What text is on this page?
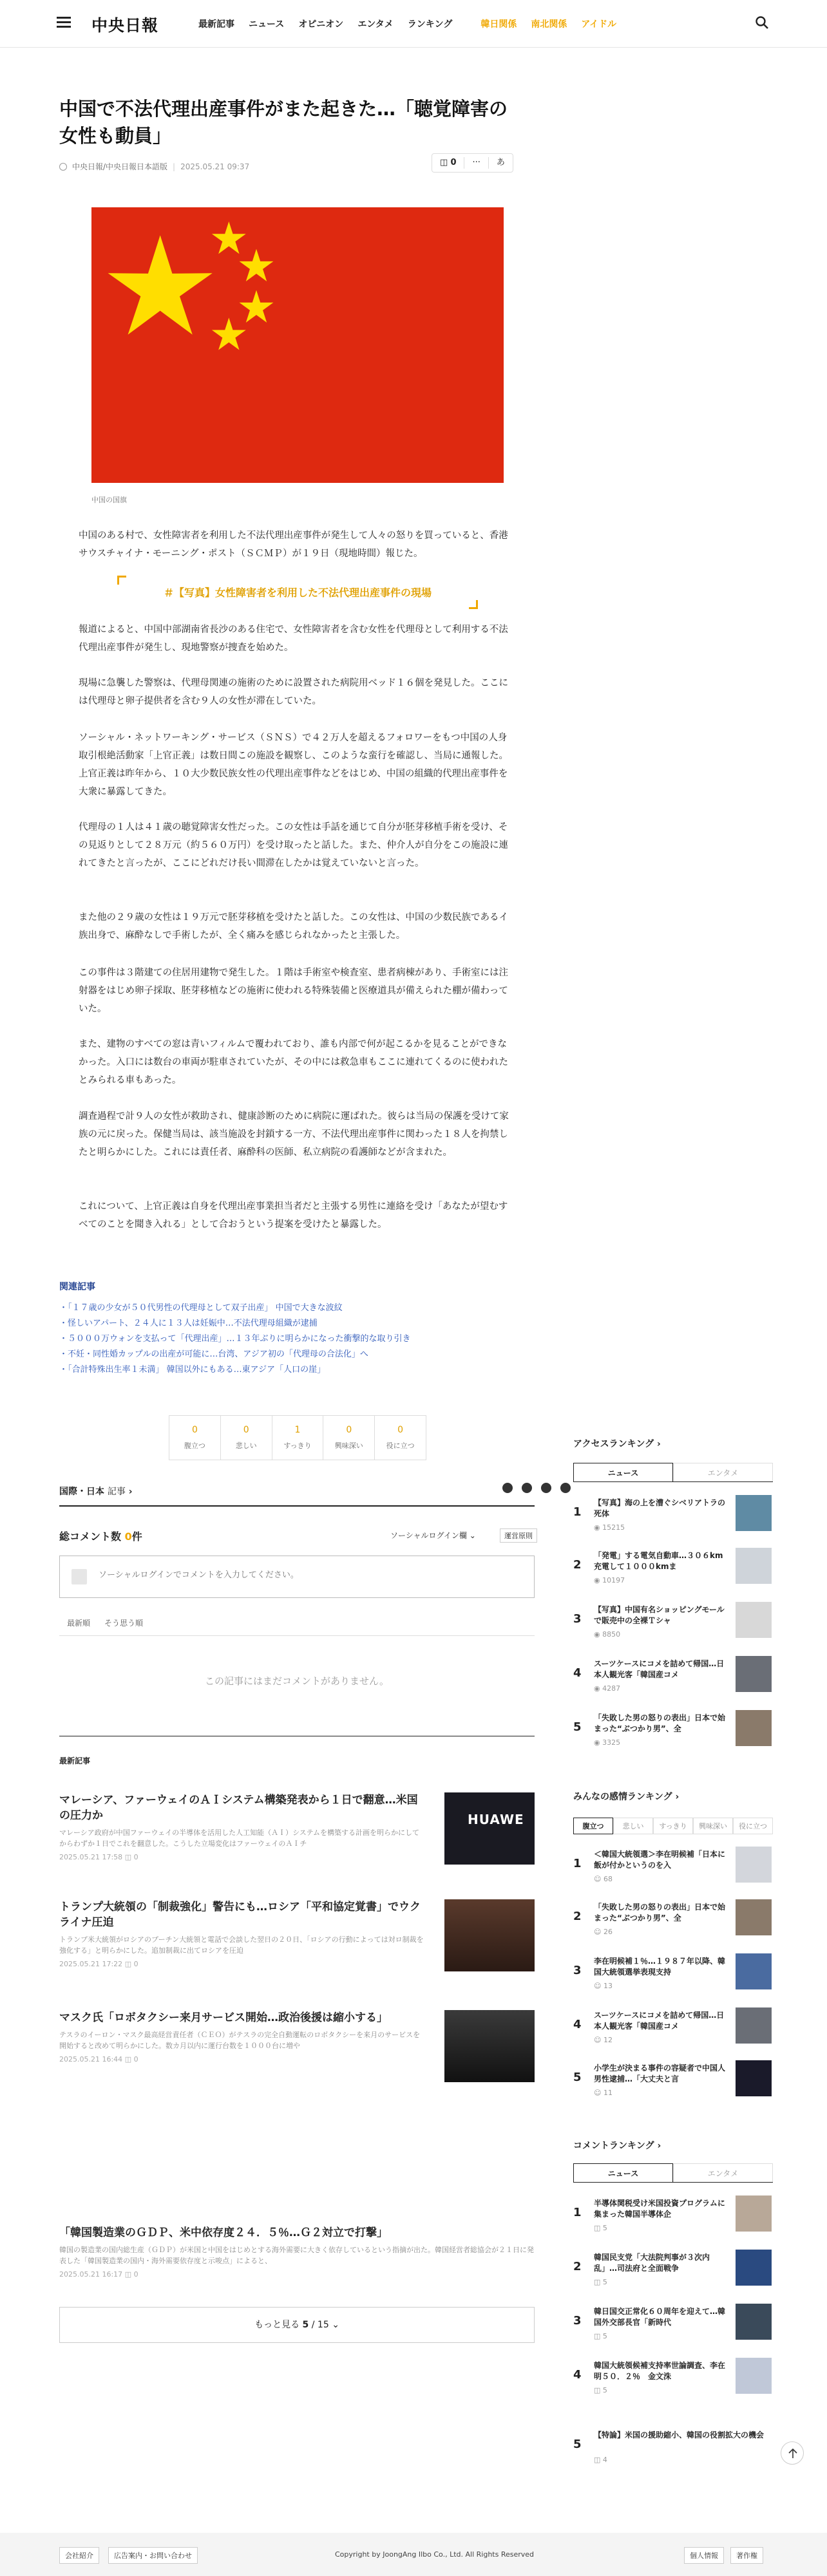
中央日報	最新記事 ニュース オピニオン エンタメ ランキング	韓日関係 南北関係 アイドル
中国で不法代理出産事件がまた起きた…「聴覚障害の女性も動員」
中央日報/中央日報日本語版 | 2025.05.21 09:37	◫ 0	···	あ
中国の国旗

中国のある村で、女性障害者を利用した不法代理出産事件が発生して人々の怒りを買っていると、香港サウスチャイナ・モーニング・ポスト（ＳＣＭＰ）が１９日（現地時間）報じた。

＃【写真】女性障害者を利用した不法代理出産事件の現場

報道によると、中国中部湖南省長沙のある住宅で、女性障害者を含む女性を代理母として利用する不法代理出産事件が発生し、現地警察が捜査を始めた。

現場に急襲した警察は、代理母関連の施術のために設置された病院用ベッド１６個を発見した。ここには代理母と卵子提供者を含む９人の女性が滞在していた。

ソーシャル・ネットワーキング・サービス（ＳＮＳ）で４２万人を超えるフォロワーをもつ中国の人身取引根絶活動家「上官正義」は数日間この施設を観察し、このような蛮行を確認し、当局に通報した。上官正義は昨年から、１０大少数民族女性の代理出産事件などをはじめ、中国の組織的代理出産事件を大衆に暴露してきた。

代理母の１人は４１歳の聴覚障害女性だった。この女性は手話を通じて自分が胚芽移植手術を受け、その見返りとして２８万元（約５６０万円）を受け取ったと話した。また、仲介人が自分をこの施設に連れてきたと言ったが、ここにどれだけ長い間滞在したかは覚えていないと言った。

また他の２９歳の女性は１９万元で胚芽移植を受けたと話した。この女性は、中国の少数民族であるイ族出身で、麻酔なしで手術したが、全く痛みを感じられなかったと主張した。

この事件は３階建ての住居用建物で発生した。１階は手術室や検査室、患者病棟があり、手術室には注射器をはじめ卵子採取、胚芽移植などの施術に使われる特殊装備と医療道具が備えられた棚が備わっていた。

また、建物のすべての窓は青いフィルムで覆われており、誰も内部で何が起こるかを見ることができなかった。入口には数台の車両が駐車されていたが、その中には救急車もここに連れてくるのに使われたとみられる車もあった。

調査過程で計９人の女性が救助され、健康診断のために病院に運ばれた。彼らは当局の保護を受けて家族の元に戻った。保健当局は、該当施設を封鎖する一方、不法代理出産事件に関わった１８人を拘禁したと明らかにした。これには責任者、麻酔科の医師、私立病院の看護師などが含まれた。

これについて、上官正義は自身を代理出産事業担当者だと主張する男性に連絡を受け「あなたが望むすべてのことを聞き入れる」として合おうという提案を受けたと暴露した。

関連記事
・「１７歳の少女が５０代男性の代理母として双子出産」 中国で大きな波紋
・怪しいアパート、２４人に１３人は妊娠中…不法代理母組織が逮捕
・５０００万ウォンを支払って「代理出産」…１３年ぶりに明らかになった衝撃的な取り引き
・不妊・同性婚カップルの出産が可能に…台湾、アジア初の「代理母の合法化」へ
・「合計特殊出生率１未満」 韓国以外にもある…東アジア「人口の崖」
0
腹立つ
0
悲しい
1
すっきり
0
興味深い
0
役に立つ
国際・日本 記事 ›
総コメント数 0件	ソーシャルログイン欄 ⌄	運営原則
ソーシャルログインでコメントを入力してください。
最新順 そう思う順
この記事にはまだコメントがありません。
最新記事
マレーシア、ファーウェイのＡＩシステム構築発表から１日で翻意…米国の圧力か
マレーシア政府が中国ファーウェイの半導体を活用した人工知能（ＡＩ）システムを構築する計画を明らかにしてからわずか１日でこれを翻意した。こうした立場変化はファーウェイのＡＩチ
2025.05.21 17:58 ◫ 0
HUAWE
トランプ大統領の「制裁強化」警告にも…ロシア「平和協定覚書」でウクライナ圧迫
トランプ米大統領がロシアのプーチン大統領と電話で会談した翌日の２０日、「ロシアの行動によっては対ロ制裁を強化する」と明らかにした。追加制裁に出てロシアを圧迫
2025.05.21 17:22 ◫ 0
マスク氏「ロボタクシー来月サービス開始…政治後援は縮小する」
テスラのイーロン・マスク最高経営責任者（ＣＥＯ）がテスラの完全自動運転のロボタクシーを来月のサービスを開始すると改めて明らかにした。数カ月以内に運行台数を１０００台に増や
2025.05.21 16:44 ◫ 0
「韓国製造業のＧＤＰ、米中依存度２４．５％…Ｇ２対立で打撃」
韓国の製造業の国内総生産（ＧＤＰ）が米国と中国をはじめとする海外需要に大きく依存しているという指摘が出た。韓国経営者総協会が２１日に発表した「韓国製造業の国内・海外需要依存度と示唆点」によると、
2025.05.21 16:17 ◫ 0
もっと見る 5 / 15 ⌄
アクセスランキング ›
ニュース	エンタメ
1
【写真】海の上を漕ぐシベリアトラの死体
◉ 15215
2
「発電」する電気自動車…３０６km充電して１０００kmま
◉ 10197
3
【写真】中国有名ショッピングモールで販売中の全裸Ｔシャ
◉ 8850
4
スーツケースにコメを詰めて帰国…日本人観光客「韓国産コメ
◉ 4287
5
「失敗した男の怒りの表出」日本で始まった“ぶつかり男”、全
◉ 3325
みんなの感情ランキング ›
腹立つ	悲しい	すっきり	興味深い	役に立つ
1
＜韓国大統領選＞李在明候補「日本に飯が付かというのを入
☺ 68
2
「失敗した男の怒りの表出」日本で始まった“ぶつかり男”、全
☺ 26
3
李在明候補１％…１９８７年以降、韓国大統領選挙表現支持
☺ 13
4
スーツケースにコメを詰めて帰国…日本人観光客「韓国産コメ
☺ 12
5
小学生が決まる事件の容疑者で中国人男性逮捕…「大丈夫と言
☺ 11
コメントランキング ›
ニュース	エンタメ
1
半導体関税受け米国投資プログラムに集まった韓国半導体企
◫ 5
2
韓国民支党「大法院判事が３次内乱」…司法府と全面戦争
◫ 5
3
韓日国交正常化６０周年を迎えて…韓国外交部長官「新時代
◫ 5
4
韓国大統領候補支持率世論調査、李在明５０．２％　金文洙
◫ 5
5
【特論】米国の援助縮小、韓国の役割拡大の機会
◫ 4
会社紹介	広告案内・お問い合わせ	Copyright by JoongAng Ilbo Co., Ltd. All Rights Reserved	個人情報	著作権
